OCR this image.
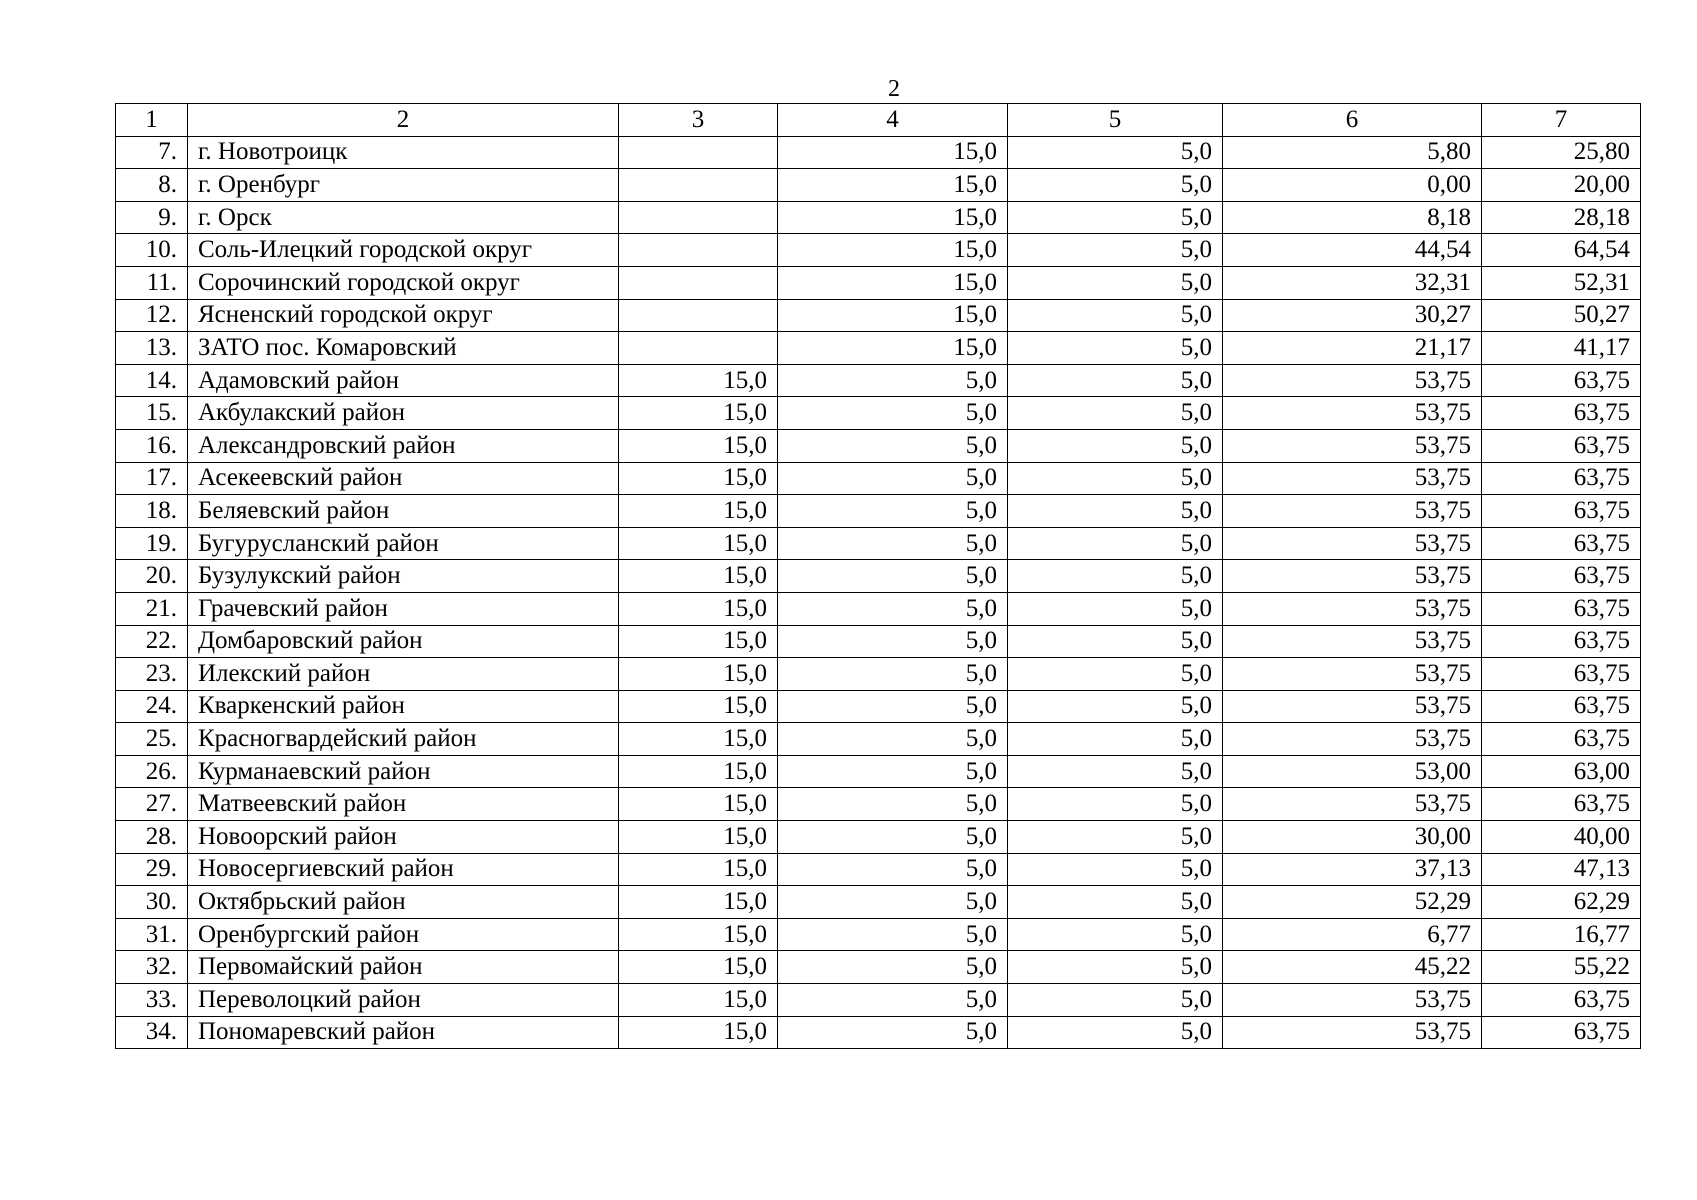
2
1	2	3	4	5	6	7
7.	г. Новотроицк		15,0	5,0	5,80	25,80
8.	г. Оренбург		15,0	5,0	0,00	20,00
9.	г. Орск		15,0	5,0	8,18	28,18
10.	Соль-Илецкий городской округ		15,0	5,0	44,54	64,54
11.	Сорочинский городской округ		15,0	5,0	32,31	52,31
12.	Ясненский городской округ		15,0	5,0	30,27	50,27
13.	ЗАТО пос. Комаровский		15,0	5,0	21,17	41,17
14.	Адамовский район	15,0	5,0	5,0	53,75	63,75
15.	Акбулакский район	15,0	5,0	5,0	53,75	63,75
16.	Александровский район	15,0	5,0	5,0	53,75	63,75
17.	Асекеевский район	15,0	5,0	5,0	53,75	63,75
18.	Беляевский район	15,0	5,0	5,0	53,75	63,75
19.	Бугурусланский район	15,0	5,0	5,0	53,75	63,75
20.	Бузулукский район	15,0	5,0	5,0	53,75	63,75
21.	Грачевский район	15,0	5,0	5,0	53,75	63,75
22.	Домбаровский район	15,0	5,0	5,0	53,75	63,75
23.	Илекский район	15,0	5,0	5,0	53,75	63,75
24.	Кваркенский район	15,0	5,0	5,0	53,75	63,75
25.	Красногвардейский район	15,0	5,0	5,0	53,75	63,75
26.	Курманаевский район	15,0	5,0	5,0	53,00	63,00
27.	Матвеевский район	15,0	5,0	5,0	53,75	63,75
28.	Новоорский район	15,0	5,0	5,0	30,00	40,00
29.	Новосергиевский район	15,0	5,0	5,0	37,13	47,13
30.	Октябрьский район	15,0	5,0	5,0	52,29	62,29
31.	Оренбургский район	15,0	5,0	5,0	6,77	16,77
32.	Первомайский район	15,0	5,0	5,0	45,22	55,22
33.	Переволоцкий район	15,0	5,0	5,0	53,75	63,75
34.	Пономаревский район	15,0	5,0	5,0	53,75	63,75
